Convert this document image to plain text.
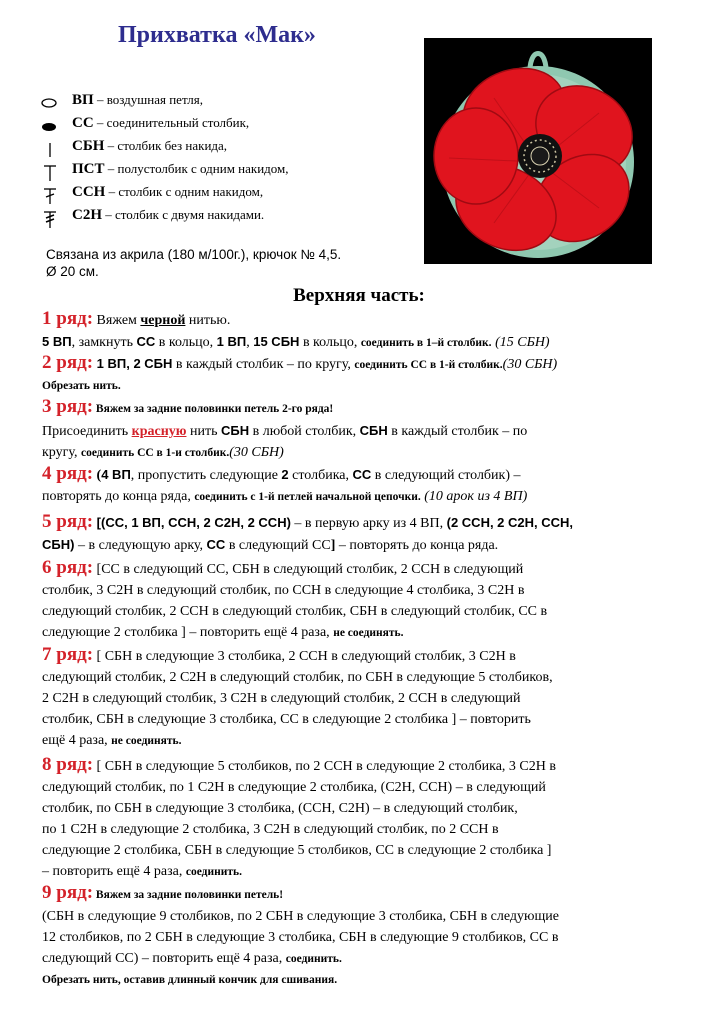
Прихватка «Мак»
ВП – воздушная петля,
СС – соединительный столбик,
СБН – столбик без накида,
ПСТ – полустолбик с одним накидом,
ССН – столбик с одним накидом,
С2Н – столбик с двумя накидами.
Связана из акрила (180 м/100г.), крючок № 4,5.
Ø 20 см.
Верхняя часть:
1 ряд: Вяжем черной нитью.
5 ВП, замкнуть СС в кольцо, 1 ВП, 15 СБН в кольцо, соединить в 1–й столбик. (15 СБН)
2 ряд: 1 ВП, 2 СБН в каждый столбик – по кругу, соединить СС в 1-й столбик.(30 СБН)
Обрезать нить.
3 ряд: Вяжем за задние половинки петель 2-го ряда!
Присоединить красную нить СБН в любой столбик, СБН в каждый столбик – по
кругу, соединить СС в 1-и столбик.(30 СБН)
4 ряд: (4 ВП, пропустить следующие 2 столбика, СС в следующий столбик) –
повторять до конца ряда, соединить с 1-й петлей начальной цепочки. (10 арок из 4 ВП)
5 ряд: [(СС, 1 ВП, ССН, 2 С2Н, 2 ССН) – в первую арку из 4 ВП, (2 ССН, 2 С2Н, ССН,
СБН) – в следующую арку, СС в следующий СС] – повторять до конца ряда.
6 ряд: [СС в следующий СС, СБН в следующий столбик, 2 ССН в следующий
столбик, 3 С2Н в следующий столбик, по ССН в следующие 4 столбика, 3 С2Н в
следующий столбик, 2 ССН в следующий столбик, СБН в следующий столбик, СС в
следующие 2 столбика ] – повторить ещё 4 раза, не соединять.
7 ряд: [ СБН в следующие 3 столбика, 2 ССН в следующий столбик, 3 С2Н в
следующий столбик, 2 С2Н в следующий столбик, по СБН в следующие 5 столбиков,
2 С2Н в следующий столбик, 3 С2Н в следующий столбик, 2 ССН в следующий
столбик, СБН в следующие 3 столбика, СС в следующие 2 столбика ] – повторить
ещё 4 раза, не соединять.
8 ряд: [ СБН в следующие 5 столбиков, по 2 ССН в следующие 2 столбика, 3 С2Н в
следующий столбик, по 1 С2Н в следующие 2 столбика, (С2Н, ССН) – в следующий
столбик, по СБН в следующие 3 столбика, (ССН, С2Н) – в следующий столбик,
по 1 С2Н в следующие 2 столбика, 3 С2Н в следующий столбик, по 2 ССН в
следующие 2 столбика, СБН в следующие 5 столбиков, СС в следующие 2 столбика ]
– повторить ещё 4 раза, соединить.
9 ряд: Вяжем за задние половинки петель!
(СБН в следующие 9 столбиков, по 2 СБН в следующие 3 столбика, СБН в следующие
12 столбиков, по 2 СБН в следующие 3 столбика, СБН в следующие 9 столбиков, СС в
следующий СС) – повторить ещё 4 раза, соединить.
Обрезать нить, оставив длинный кончик для сшивания.
